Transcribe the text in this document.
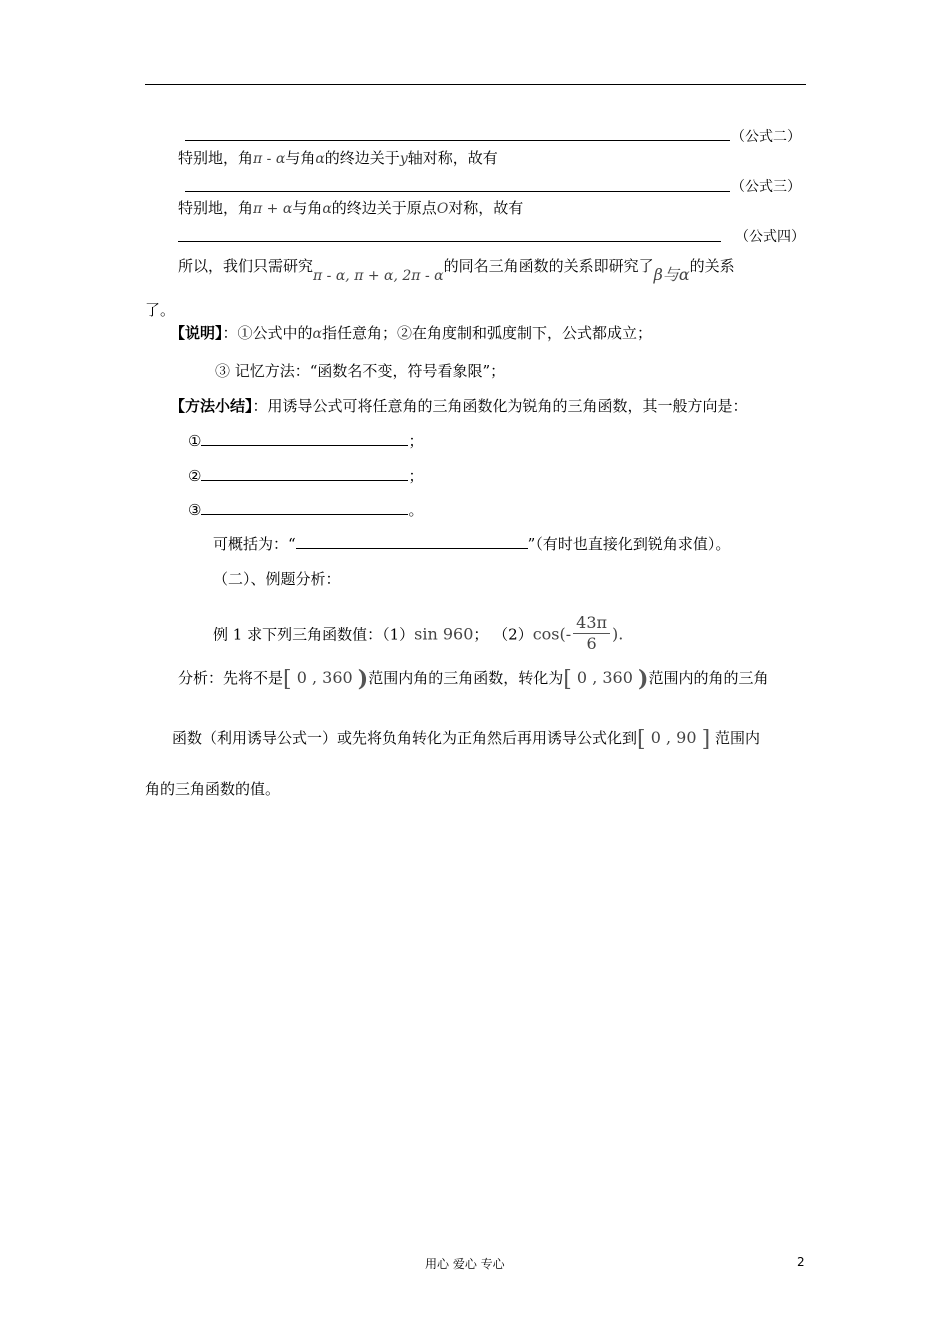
（公式二）
特别地，角π - α与角α的终边关于y轴对称，故有
（公式三）
特别地，角π + α与角α的终边关于原点O对称，故有
（公式四）
所以，我们只需研究π - α, π + α, 2π - α的同名三角函数的关系即研究了β与α的关系
了。
【说明】：①公式中的α指任意角；②在角度制和弧度制下，公式都成立；
③ 记忆方法：“函数名不变，符号看象限”；
【方法小结】：用诱导公式可将任意角的三角函数化为锐角的三角函数，其一般方向是：
①	；
②	；
③	。
可概括为：“	”（有时也直接化到锐角求值）。
（二）、例题分析：
例 1 求下列三角函数值：（1）sin 960； $(2)\cos(- \frac{43\pi}{6}$ ).
分析：先将不是[ 0 , 360 )范围内角的三角函数，转化为[ 0 , 360 )范围内的角的三角
函数（利用诱导公式一）或先将负角转化为正角然后再用诱导公式化到[ 0 , 90 ] 范围内
角的三角函数的值。
用心 爱心 专心	2
